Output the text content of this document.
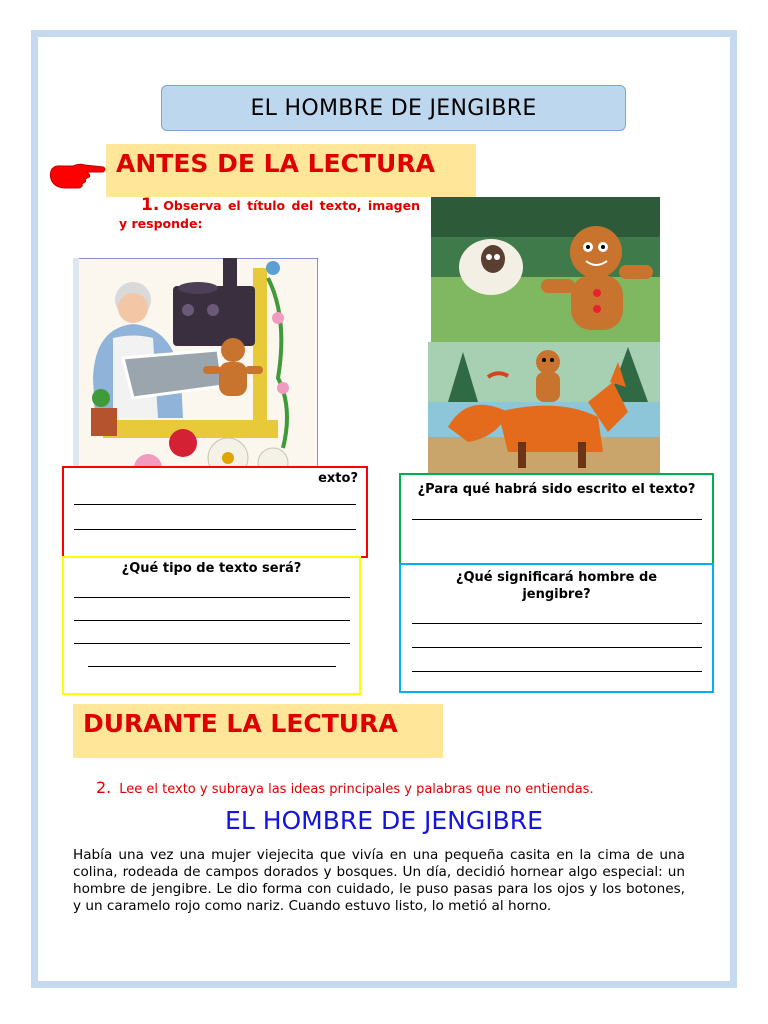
EL HOMBRE DE JENGIBRE
ANTES DE LA LECTURA
1. Observa el título del texto, imagen y responde:
exto?
¿Para qué habrá sido escrito el texto?
¿Qué tipo de texto será?
¿Qué significará hombre de jengibre?
DURANTE LA LECTURA
2. Lee el texto y subraya las ideas principales y palabras que no entiendas.
EL HOMBRE DE JENGIBRE
Había una vez una mujer viejecita que vivía en una pequeña casita en la cima de una colina, rodeada de campos dorados y bosques. Un día, decidió hornear algo especial: un hombre de jengibre. Le dio forma con cuidado, le puso pasas para los ojos y los botones, y un caramelo rojo como nariz. Cuando estuvo listo, lo metió al horno.
